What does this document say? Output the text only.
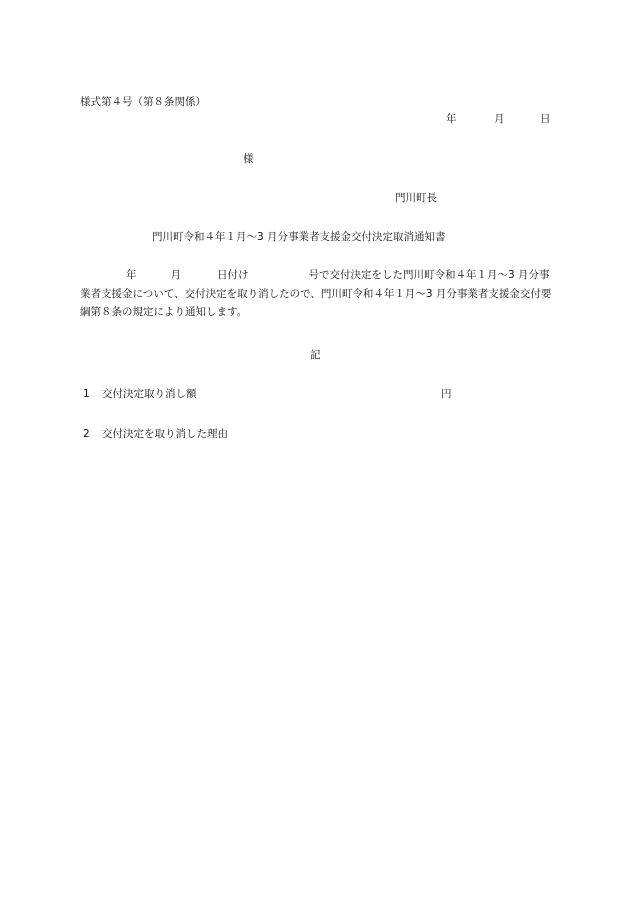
様式第４号（第８条関係）
年	月	日
様
門川町長
門川町令和４年１月〜3 月分事業者支援金交付決定取消通知書
年	月	日付け	号で交付決定をした門川町令和４年１月〜3 月分事業者支援金について、交付決定を取り消したので、門川町令和４年１月〜3 月分事業者支援金交付要綱第８条の規定により通知します。
記
1 交付決定取り消し額	円
2 交付決定を取り消した理由
